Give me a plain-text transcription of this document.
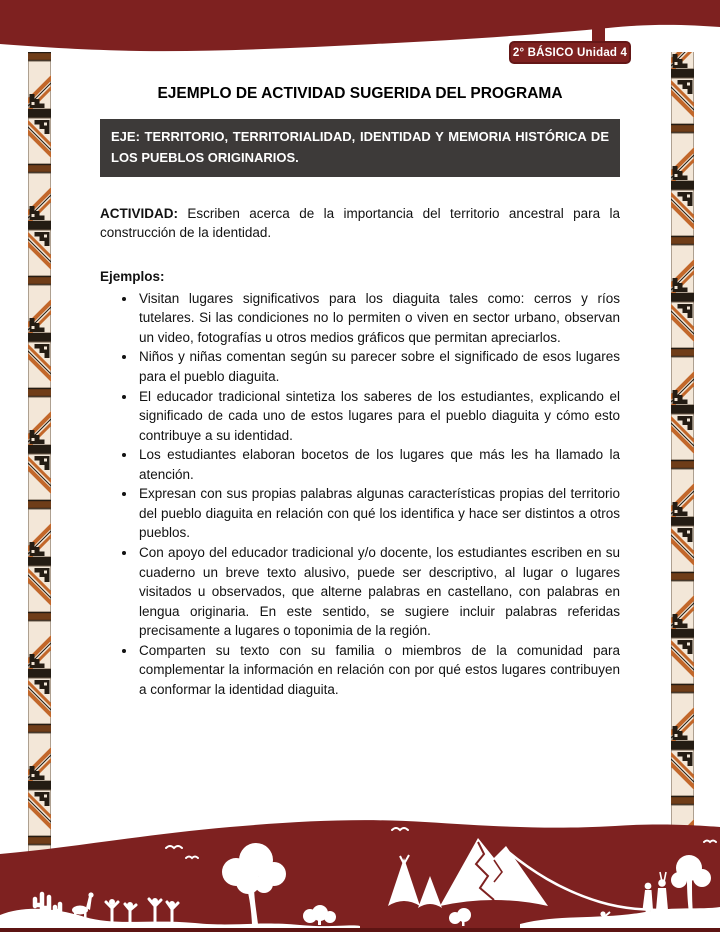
2° BÁSICO Unidad 4
EJEMPLO DE ACTIVIDAD SUGERIDA DEL PROGRAMA
EJE: TERRITORIO, TERRITORIALIDAD, IDENTIDAD Y MEMORIA HISTÓRICA DE LOS PUEBLOS ORIGINARIOS.

ACTIVIDAD: Escriben acerca de la importancia del territorio ancestral para la construcción de la identidad.

Ejemplos:

• Visitan lugares significativos para los diaguita tales como: cerros y ríos tutelares. Si las condiciones no lo permiten o viven en sector urbano, observan un video, fotografías u otros medios gráficos que permitan apreciarlos.
• Niños y niñas comentan según su parecer sobre el significado de esos lugares para el pueblo diaguita.
• El educador tradicional sintetiza los saberes de los estudiantes, explicando el significado de cada uno de estos lugares para el pueblo diaguita y cómo esto contribuye a su identidad.
• Los estudiantes elaboran bocetos de los lugares que más les ha llamado la atención.
• Expresan con sus propias palabras algunas características propias del territorio del pueblo diaguita en relación con qué los identifica y hace ser distintos a otros pueblos.
• Con apoyo del educador tradicional y/o docente, los estudiantes escriben en su cuaderno un breve texto alusivo, puede ser descriptivo, al lugar o lugares visitados u observados, que alterne palabras en castellano, con palabras en lengua originaria. En este sentido, se sugiere incluir palabras referidas precisamente a lugares o toponimia de la región.
• Comparten su texto con su familia o miembros de la comunidad para complementar la información en relación con por qué estos lugares contribuyen a conformar la identidad diaguita.
